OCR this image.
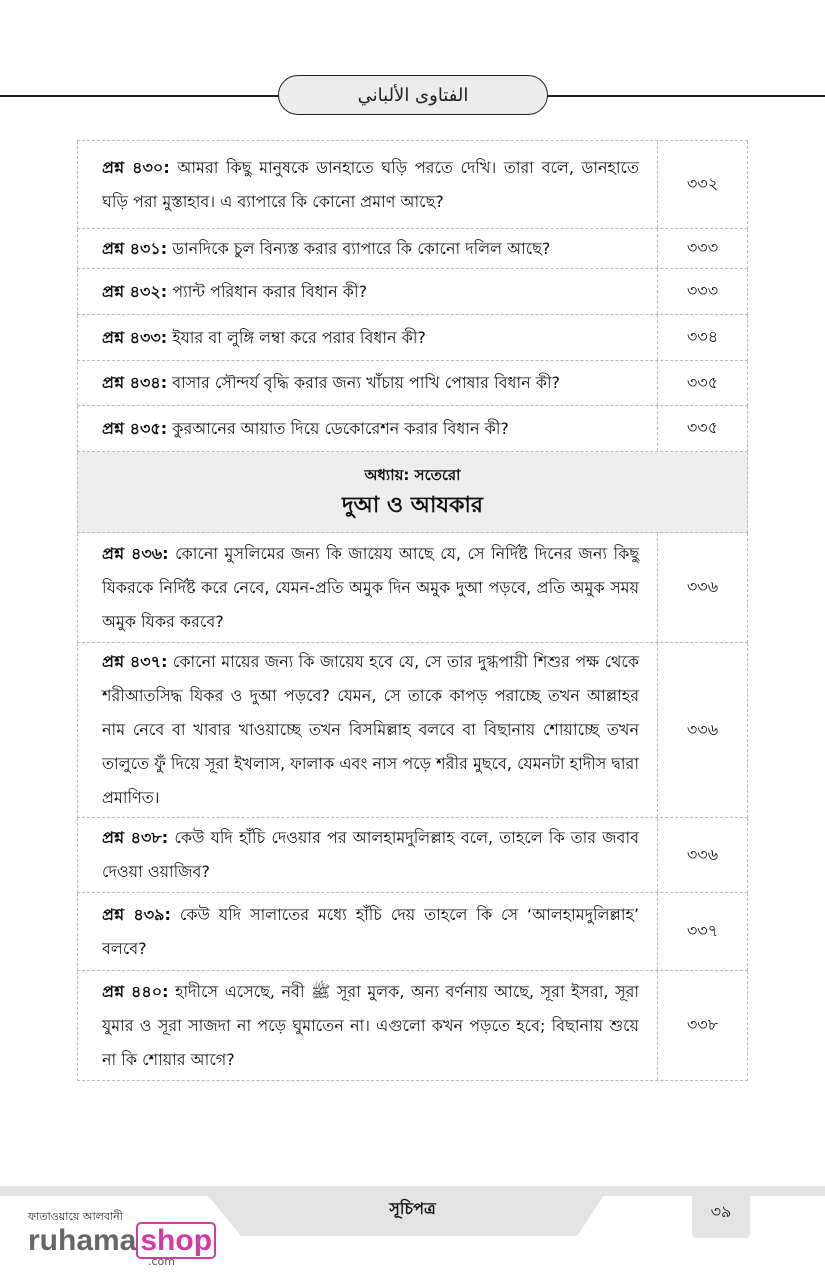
الفتاوى الألباني
প্রশ্ন ৪৩০: আমরা কিছু মানুষকে ডানহাতে ঘড়ি পরতে দেখি। তারা বলে, ডানহাতে ঘড়ি পরা মুস্তাহাব। এ ব্যাপারে কি কোনো প্রমাণ আছে?
৩৩২
প্রশ্ন ৪৩১: ডানদিকে চুল বিন্যস্ত করার ব্যাপারে কি কোনো দলিল আছে?	৩৩৩
প্রশ্ন ৪৩২: প্যান্ট পরিধান করার বিধান কী?	৩৩৩
প্রশ্ন ৪৩৩: ইযার বা লুঙ্গি লম্বা করে পরার বিধান কী?	৩৩৪
প্রশ্ন ৪৩৪: বাসার সৌন্দর্য বৃদ্ধি করার জন্য খাঁচায় পাখি পোষার বিধান কী?	৩৩৫
প্রশ্ন ৪৩৫: কুরআনের আয়াত দিয়ে ডেকোরেশন করার বিধান কী?	৩৩৫
অধ্যায়: সতেরো
দুআ ও আযকার
প্রশ্ন ৪৩৬: কোনো মুসলিমের জন্য কি জায়েয আছে যে, সে নির্দিষ্ট দিনের জন্য কিছু যিকরকে নির্দিষ্ট করে নেবে, যেমন-প্রতি অমুক দিন অমুক দুআ পড়বে, প্রতি অমুক সময় অমুক যিকর করবে?
৩৩৬
প্রশ্ন ৪৩৭: কোনো মায়ের জন্য কি জায়েয হবে যে, সে তার দুগ্ধপায়ী শিশুর পক্ষ থেকে শরীআতসিদ্ধ যিকর ও দুআ পড়বে? যেমন, সে তাকে কাপড় পরাচ্ছে তখন আল্লাহর নাম নেবে বা খাবার খাওয়াচ্ছে তখন বিসমিল্লাহ বলবে বা বিছানায় শোয়াচ্ছে তখন তালুতে ফুঁ দিয়ে সূরা ইখলাস, ফালাক এবং নাস পড়ে শরীর মুছবে, যেমনটা হাদীস দ্বারা প্রমাণিত।
৩৩৬
প্রশ্ন ৪৩৮: কেউ যদি হাঁচি দেওয়ার পর আলহামদুলিল্লাহ বলে, তাহলে কি তার জবাব দেওয়া ওয়াজিব?
৩৩৬
প্রশ্ন ৪৩৯: কেউ যদি সালাতের মধ্যে হাঁচি দেয় তাহলে কি সে ‘আলহামদুলিল্লাহ’ বলবে?
৩৩৭
প্রশ্ন ৪৪০: হাদীসে এসেছে, নবী ﷺ সূরা মুলক, অন্য বর্ণনায় আছে, সূরা ইসরা, সূরা যুমার ও সূরা সাজদা না পড়ে ঘুমাতেন না। এগুলো কখন পড়তে হবে; বিছানায় শুয়ে না কি শোয়ার আগে?
৩৩৮
সূচিপত্র	৩৯
ফাতাওয়ায়ে আলবানী
ruhama shop
.com
